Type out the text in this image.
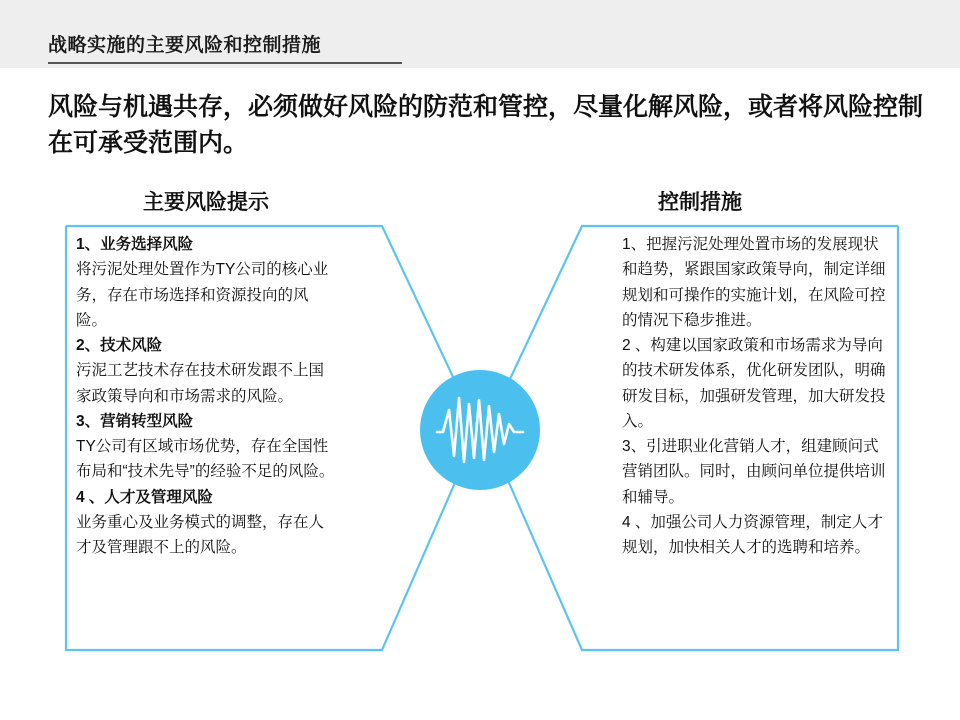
战略实施的主要风险和控制措施
风险与机遇共存，必须做好风险的防范和管控，尽量化解风险，或者将风险控制在可承受范围内。
主要风险提示	控制措施
1、业务选择风险
将污泥处理处置作为TY公司的核心业务，存在市场选择和资源投向的风险。
2、技术风险
污泥工艺技术存在技术研发跟不上国家政策导向和市场需求的风险。
3、营销转型风险
TY公司有区域市场优势，存在全国性布局和“技术先导”的经验不足的风险。
4 、人才及管理风险
业务重心及业务模式的调整，存在人才及管理跟不上的风险。
1、把握污泥处理处置市场的发展现状和趋势，紧跟国家政策导向，制定详细规划和可操作的实施计划，在风险可控的情况下稳步推进。
2 、构建以国家政策和市场需求为导向的技术研发体系，优化研发团队，明确研发目标，加强研发管理，加大研发投入。
3、引进职业化营销人才，组建顾问式营销团队。同时，由顾问单位提供培训和辅导。
4 、加强公司人力资源管理，制定人才规划，加快相关人才的选聘和培养。
